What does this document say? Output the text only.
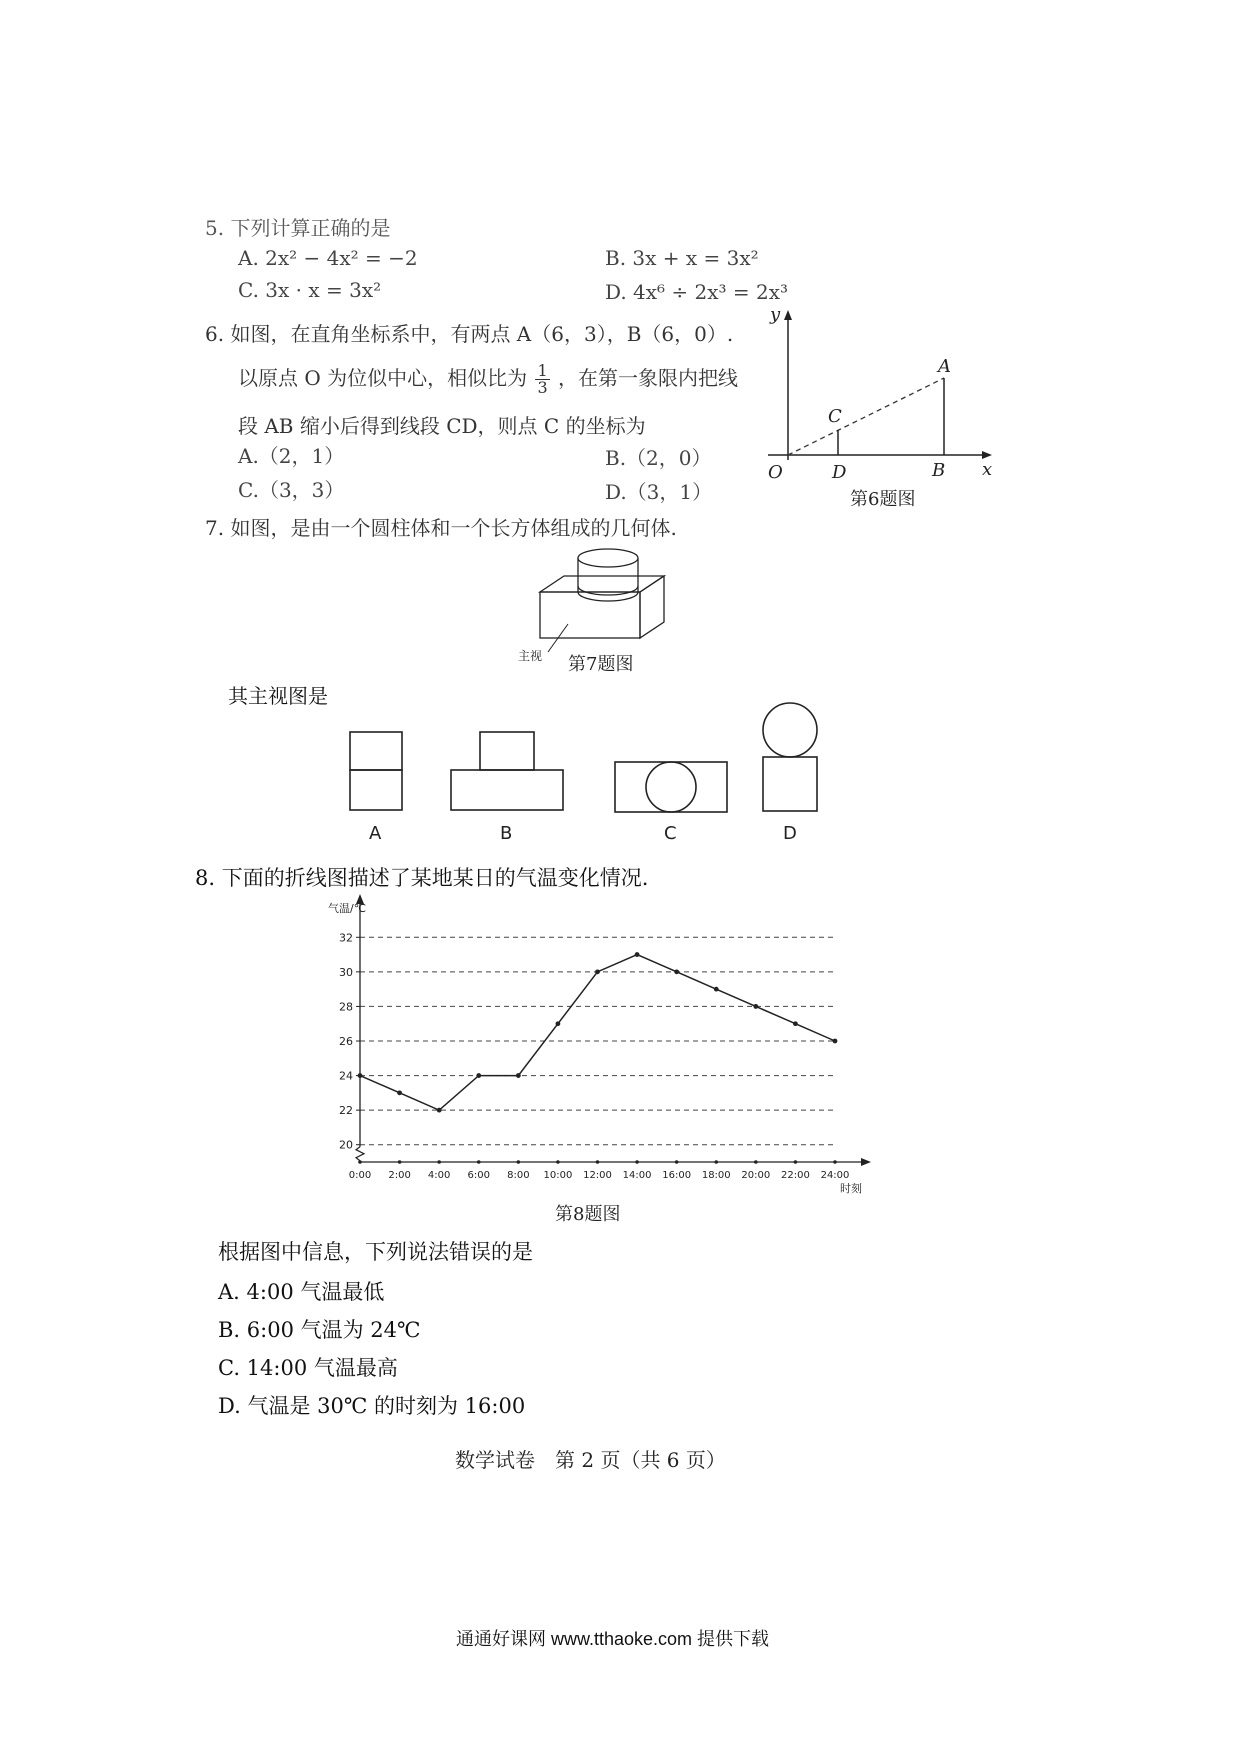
5. 下列计算正确的是
A. 2x² − 4x² = −2	B. 3x + x = 3x²
C. 3x · x = 3x²	D. 4x⁶ ÷ 2x³ = 2x³
6. 如图，在直角坐标系中，有两点 A（6，3），B（6，0）.
以原点 O 为位似中心，相似比为 $\frac{1}{3}$ ，在第一象限内把线
段 AB 缩小后得到线段 CD，则点 C 的坐标为
A.（2，1）	B.（2，0）
C.（3，3）	D.（3，1）
y
x
O
A
B
C
D
第6题图
7. 如图，是由一个圆柱体和一个长方体组成的几何体.
主视 第7题图
其主视图是
A	B	C	D
8. 下面的折线图描述了某地某日的气温变化情况.
20
22
24
26
28
30
32
0:00 2:00 4:00 6:00 8:00 10:00 12:00 14:00 16:00 18:00 20:00 22:00 24:00
气温/℃
时刻
第8题图
根据图中信息，下列说法错误的是
A. 4:00 气温最低
B. 6:00 气温为 24℃
C. 14:00 气温最高
D. 气温是 30℃ 的时刻为 16:00
数学试卷　第 2 页（共 6 页）
通通好课网 www.tthaoke.com 提供下载
